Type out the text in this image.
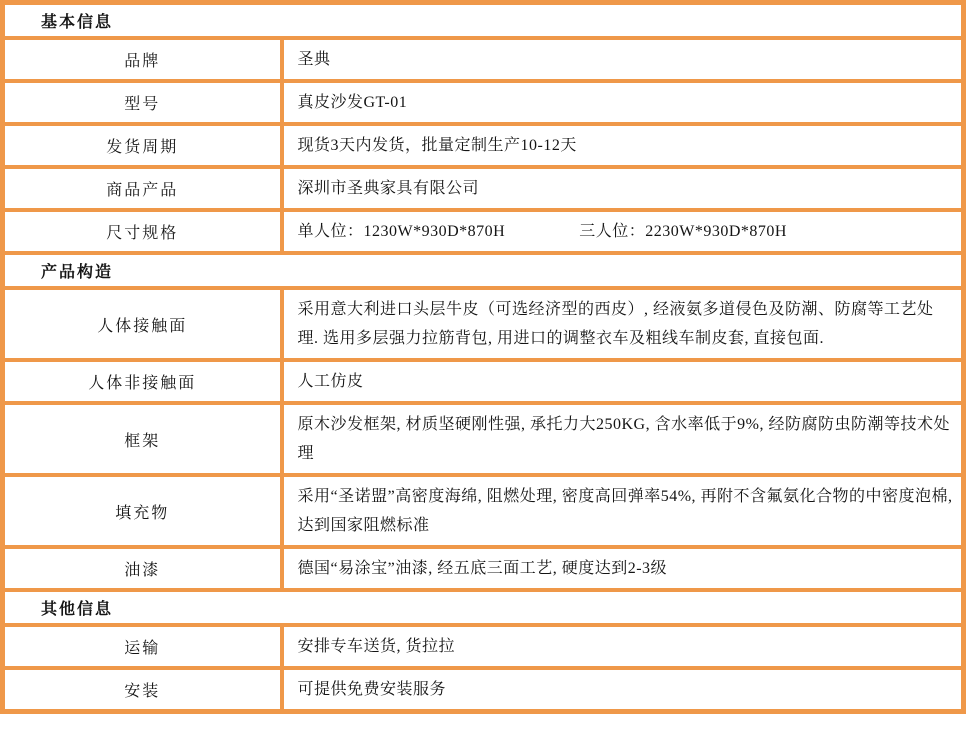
基本信息	
品牌	圣典
型号	真皮沙发GT-01
发货周期	现货3天内发货，批量定制生产10-12天
商品产品	深圳市圣典家具有限公司
尺寸规格	单人位：1230W*930D*870H 三人位：2230W*930D*870H
产品构造	
人体接触面	采用意大利进口头层牛皮（可选经济型的西皮）, 经液氨多道侵色及防潮、防腐等工艺处理. 选用多层强力拉筋背包, 用进口的调整衣车及粗线车制皮套, 直接包面.
人体非接触面	人工仿皮
框架	原木沙发框架, 材质坚硬刚性强, 承托力大250KG, 含水率低于9%, 经防腐防虫防潮等技术处理
填充物	采用“圣诺盟”高密度海绵, 阻燃处理, 密度高回弹率54%, 再附不含氟氨化合物的中密度泡棉, 达到国家阻燃标准
油漆	德国“易涂宝”油漆, 经五底三面工艺, 硬度达到2-3级
其他信息	
运输	安排专车送货, 货拉拉
安装	可提供免费安装服务
